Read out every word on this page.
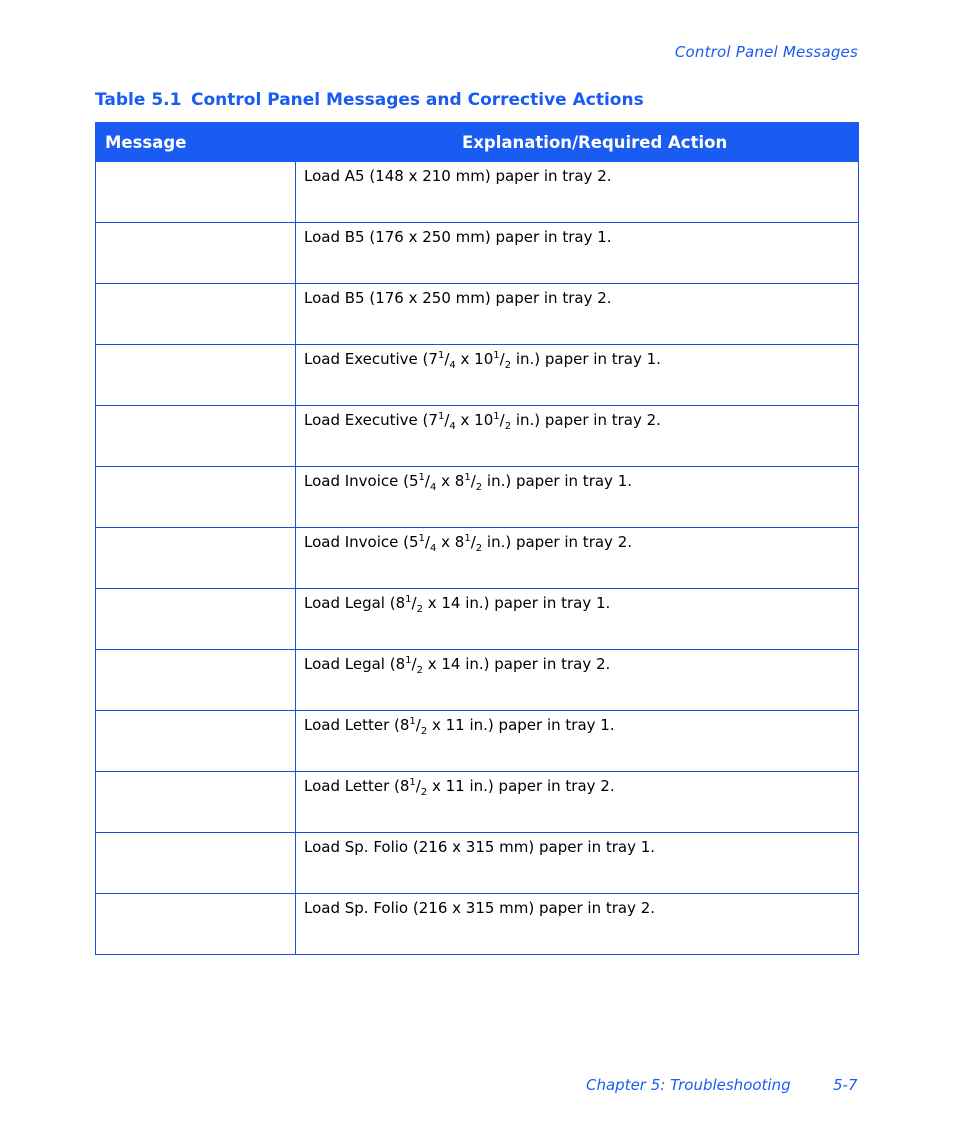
Control Panel Messages
Table 5.1 Control Panel Messages and Corrective Actions
Message	Explanation/Required Action
	Load A5 (148 x 210 mm) paper in tray 2.
	Load B5 (176 x 250 mm) paper in tray 1.
	Load B5 (176 x 250 mm) paper in tray 2.
	Load Executive ($7^1/_4$ x $10^1/_2$ in.) paper in tray 1.
	Load Executive ($7^1/_4$ x $10^1/_2$ in.) paper in tray 2.
	Load Invoice ($5^1/_4$ x $8^1/_2$ in.) paper in tray 1.
	Load Invoice ($5^1/_4$ x $8^1/_2$ in.) paper in tray 2.
	Load Legal ($8^1/_2$ x 14 in.) paper in tray 1.
	Load Legal ($8^1/_2$ x 14 in.) paper in tray 2.
	Load Letter ($8^1/_2$ x 11 in.) paper in tray 1.
	Load Letter ($8^1/_2$ x 11 in.) paper in tray 2.
	Load Sp. Folio (216 x 315 mm) paper in tray 1.
	Load Sp. Folio (216 x 315 mm) paper in tray 2.
Chapter 5: Troubleshooting	5-7
